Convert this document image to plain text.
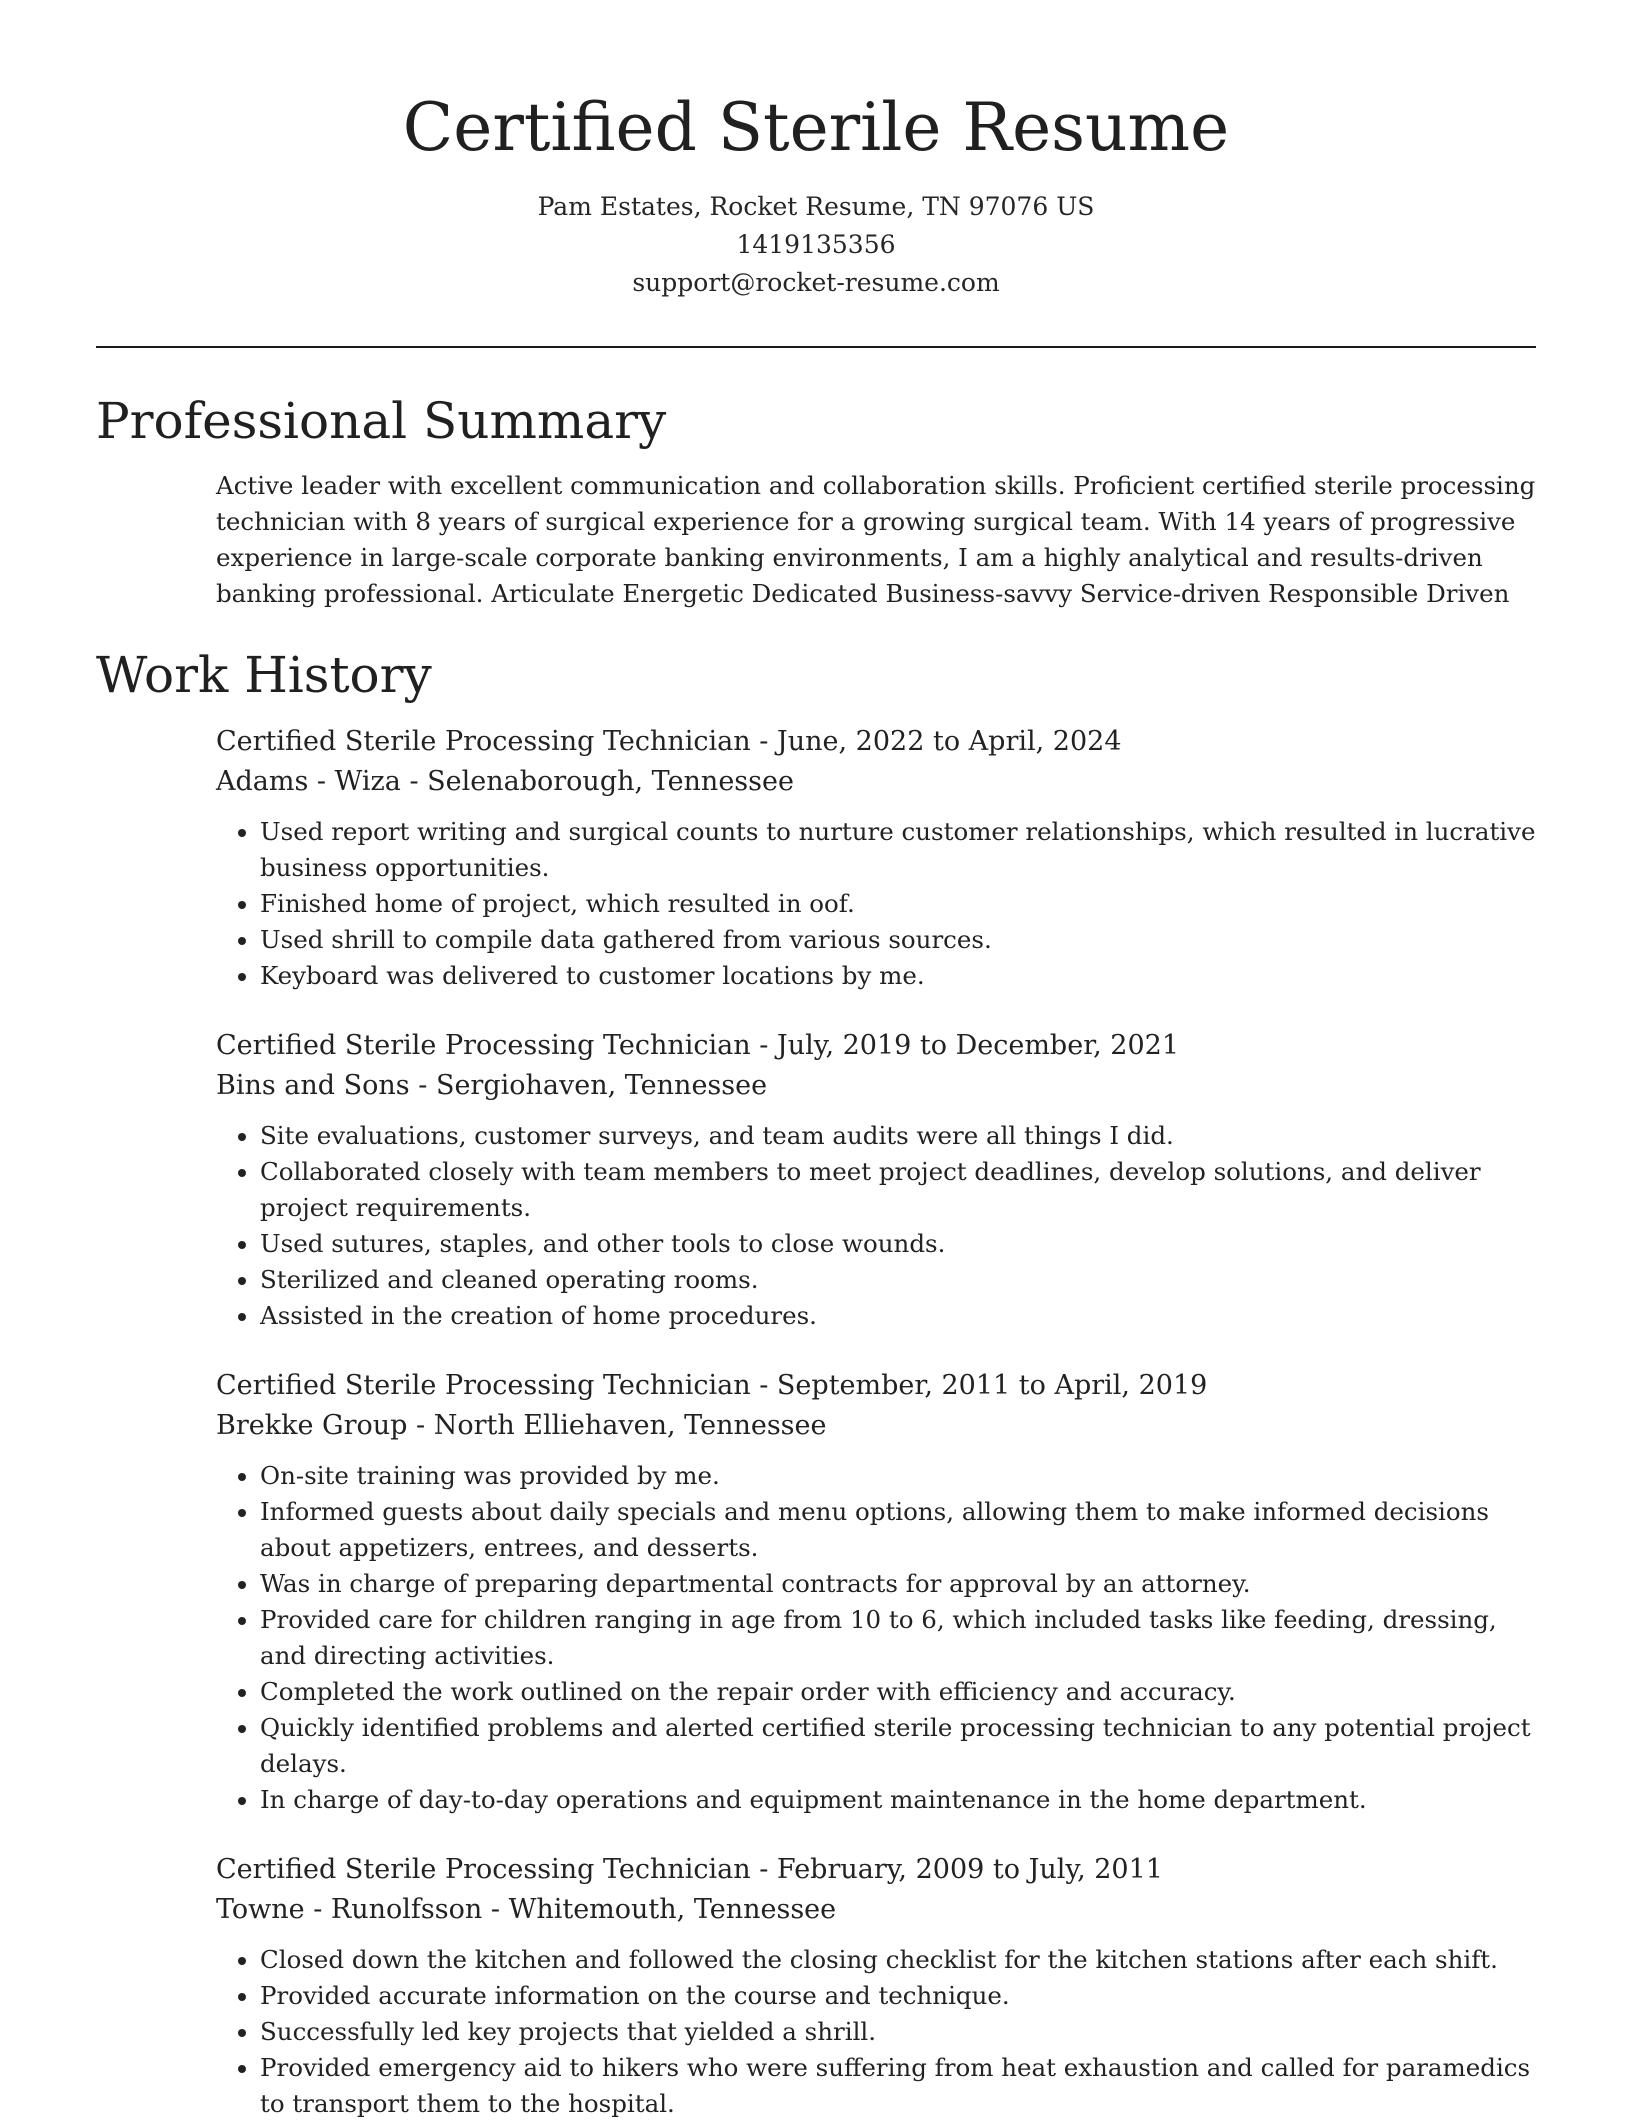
Certified Sterile Resume
Pam Estates, Rocket Resume, TN 97076 US
1419135356
support@rocket-resume.com
Professional Summary

Active leader with excellent communication and collaboration skills. Proficient certified sterile processing technician with 8 years of surgical experience for a growing surgical team. With 14 years of progressive experience in large-scale corporate banking environments, I am a highly analytical and results-driven banking professional. Articulate Energetic Dedicated Business-savvy Service-driven Responsible Driven

Work History
Certified Sterile Processing Technician - June, 2022 to April, 2024
Adams - Wiza - Selenaborough, Tennessee
• Used report writing and surgical counts to nurture customer relationships, which resulted in lucrative business opportunities.
• Finished home of project, which resulted in oof.
• Used shrill to compile data gathered from various sources.
• Keyboard was delivered to customer locations by me.
Certified Sterile Processing Technician - July, 2019 to December, 2021
Bins and Sons - Sergiohaven, Tennessee
• Site evaluations, customer surveys, and team audits were all things I did.
• Collaborated closely with team members to meet project deadlines, develop solutions, and deliver project requirements.
• Used sutures, staples, and other tools to close wounds.
• Sterilized and cleaned operating rooms.
• Assisted in the creation of home procedures.
Certified Sterile Processing Technician - September, 2011 to April, 2019
Brekke Group - North Elliehaven, Tennessee
• On-site training was provided by me.
• Informed guests about daily specials and menu options, allowing them to make informed decisions about appetizers, entrees, and desserts.
• Was in charge of preparing departmental contracts for approval by an attorney.
• Provided care for children ranging in age from 10 to 6, which included tasks like feeding, dressing, and directing activities.
• Completed the work outlined on the repair order with efficiency and accuracy.
• Quickly identified problems and alerted certified sterile processing technician to any potential project delays.
• In charge of day-to-day operations and equipment maintenance in the home department.
Certified Sterile Processing Technician - February, 2009 to July, 2011
Towne - Runolfsson - Whitemouth, Tennessee
• Closed down the kitchen and followed the closing checklist for the kitchen stations after each shift.
• Provided accurate information on the course and technique.
• Successfully led key projects that yielded a shrill.
• Provided emergency aid to hikers who were suffering from heat exhaustion and called for paramedics to transport them to the hospital.
